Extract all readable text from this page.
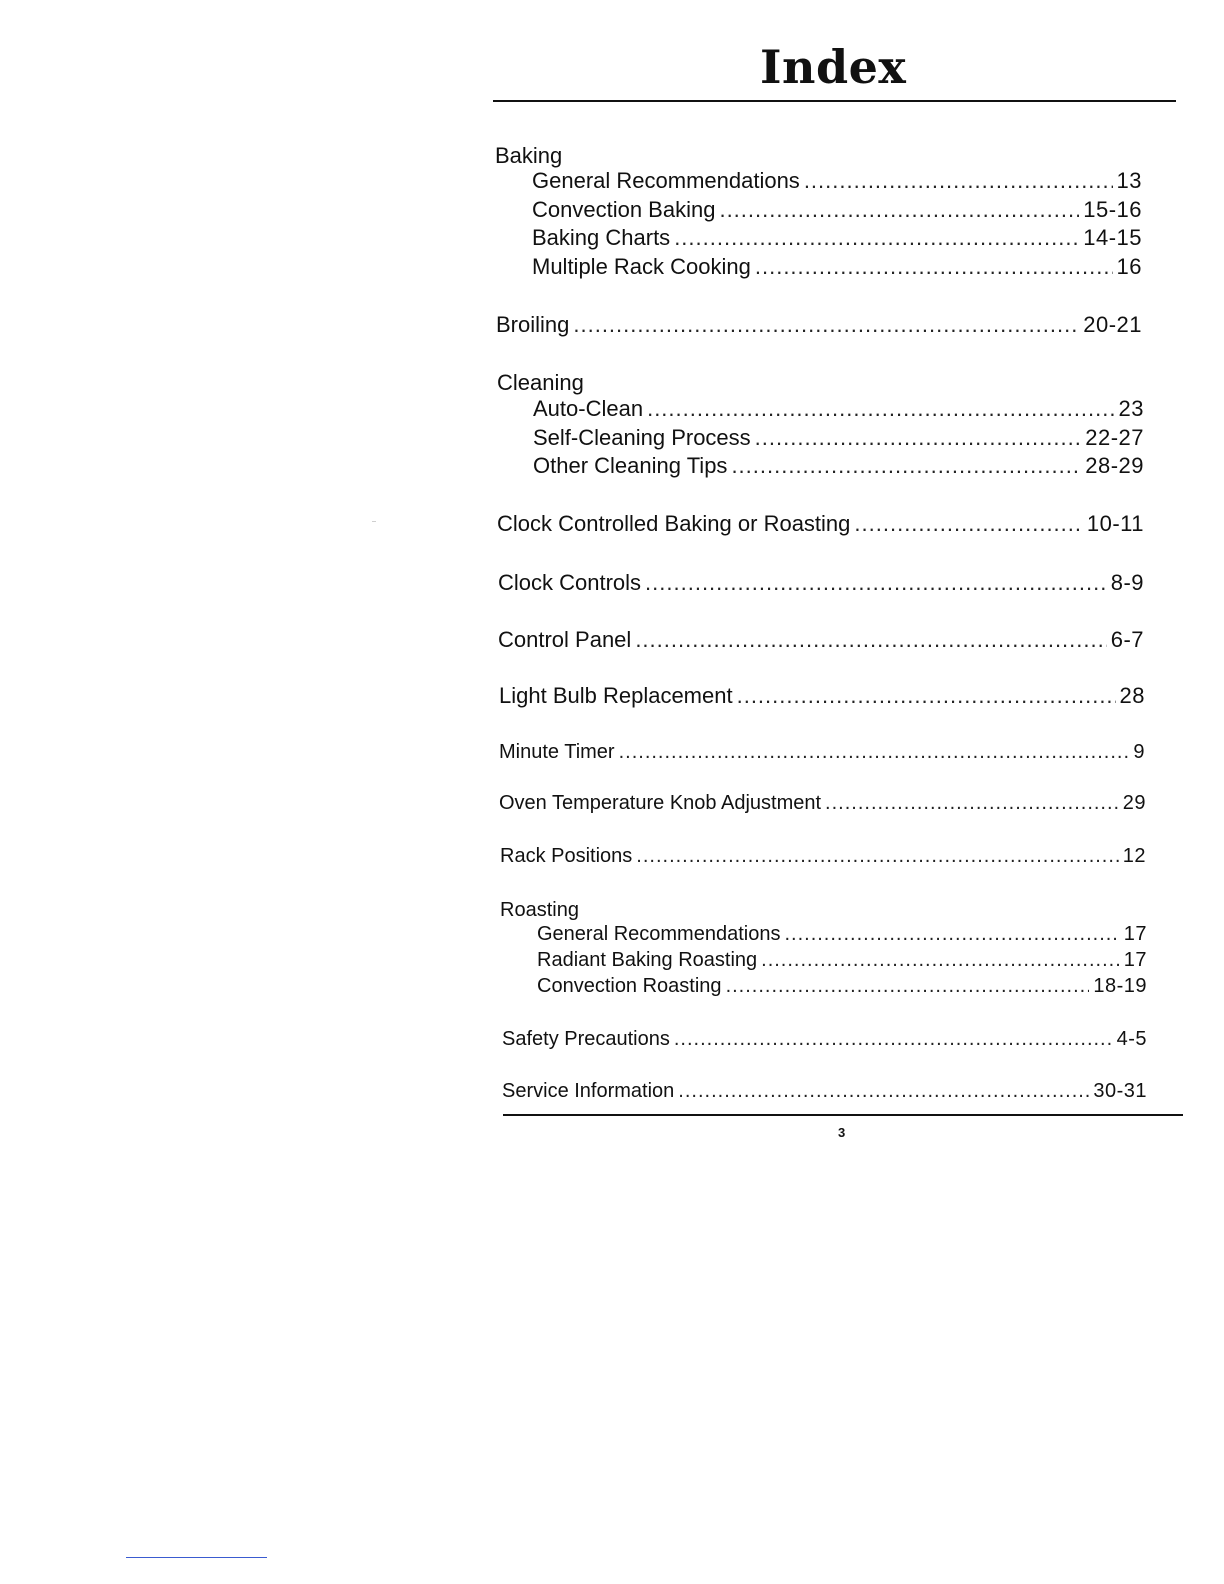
Index
Baking
General Recommendations .....	13
Convection Baking .....	15-16
Baking Charts .....	14-15
Multiple Rack Cooking .....	16
Broiling .....	20-21
Cleaning
Auto-Clean .....	23
Self-Cleaning Process .....	22-27
Other Cleaning Tips .....	28-29
Clock Controlled Baking or Roasting .....	10-11
Clock Controls .....	8-9
Control Panel .....	6-7
Light Bulb Replacement .....	28
Minute Timer .....	9
Oven Temperature Knob Adjustment .....	29
Rack Positions .....	12
Roasting
General Recommendations .....	17
Radiant Baking Roasting .....	17
Convection Roasting .....	18-19
Safety Precautions .....	4-5
Service Information .....	30-31
3
